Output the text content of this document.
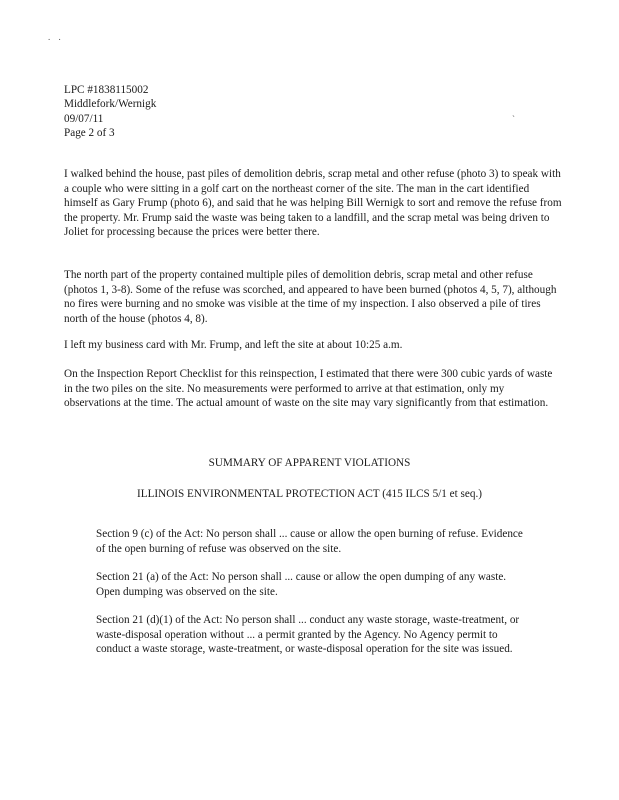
. .
`
LPC #1838115002
Middlefork/Wernigk
09/07/11
Page 2 of 3

I walked behind the house, past piles of demolition debris, scrap metal and other refuse (photo 3) to speak with a couple who were sitting in a golf cart on the northeast corner of the site. The man in the cart identified himself as Gary Frump (photo 6), and said that he was helping Bill Wernigk to sort and remove the refuse from the property. Mr. Frump said the waste was being taken to a landfill, and the scrap metal was being driven to Joliet for processing because the prices were better there.

The north part of the property contained multiple piles of demolition debris, scrap metal and other refuse (photos 1, 3-8). Some of the refuse was scorched, and appeared to have been burned (photos 4, 5, 7), although no fires were burning and no smoke was visible at the time of my inspection. I also observed a pile of tires north of the house (photos 4, 8).

I left my business card with Mr. Frump, and left the site at about 10:25 a.m.

On the Inspection Report Checklist for this reinspection, I estimated that there were 300 cubic yards of waste in the two piles on the site. No measurements were performed to arrive at that estimation, only my observations at the time. The actual amount of waste on the site may vary significantly from that estimation.

SUMMARY OF APPARENT VIOLATIONS
ILLINOIS ENVIRONMENTAL PROTECTION ACT (415 ILCS 5/1 et seq.)

Section 9 (c) of the Act: No person shall ... cause or allow the open burning of refuse. Evidence of the open burning of refuse was observed on the site.

Section 21 (a) of the Act: No person shall ... cause or allow the open dumping of any waste. Open dumping was observed on the site.

Section 21 (d)(1) of the Act: No person shall ... conduct any waste storage, waste-treatment, or waste-disposal operation without ... a permit granted by the Agency. No Agency permit to conduct a waste storage, waste-treatment, or waste-disposal operation for the site was issued.
